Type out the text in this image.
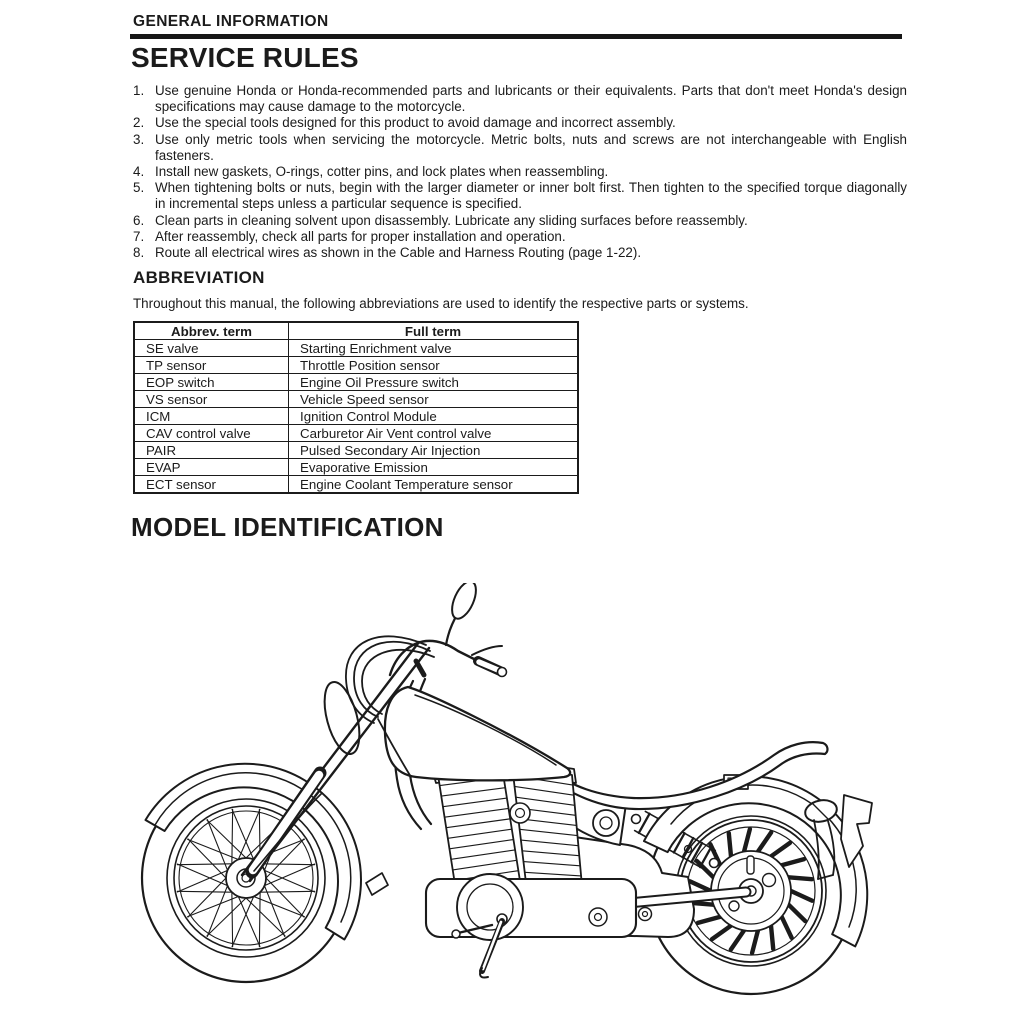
GENERAL INFORMATION
SERVICE RULES
1. Use genuine Honda or Honda-recommended parts and lubricants or their equivalents. Parts that don't meet Honda's design specifications may cause damage to the motorcycle.
2. Use the special tools designed for this product to avoid damage and incorrect assembly.
3. Use only metric tools when servicing the motorcycle. Metric bolts, nuts and screws are not interchangeable with English fasteners.
4. Install new gaskets, O-rings, cotter pins, and lock plates when reassembling.
5. When tightening bolts or nuts, begin with the larger diameter or inner bolt first. Then tighten to the specified torque diagonally in incremental steps unless a particular sequence is specified.
6. Clean parts in cleaning solvent upon disassembly. Lubricate any sliding surfaces before reassembly.
7. After reassembly, check all parts for proper installation and operation.
8. Route all electrical wires as shown in the Cable and Harness Routing (page 1-22).
ABBREVIATION
Throughout this manual, the following abbreviations are used to identify the respective parts or systems.
Abbrev. term	Full term
SE valve	Starting Enrichment valve
TP sensor	Throttle Position sensor
EOP switch	Engine Oil Pressure switch
VS sensor	Vehicle Speed sensor
ICM	Ignition Control Module
CAV control valve	Carburetor Air Vent control valve
PAIR	Pulsed Secondary Air Injection
EVAP	Evaporative Emission
ECT sensor	Engine Coolant Temperature sensor
MODEL IDENTIFICATION
